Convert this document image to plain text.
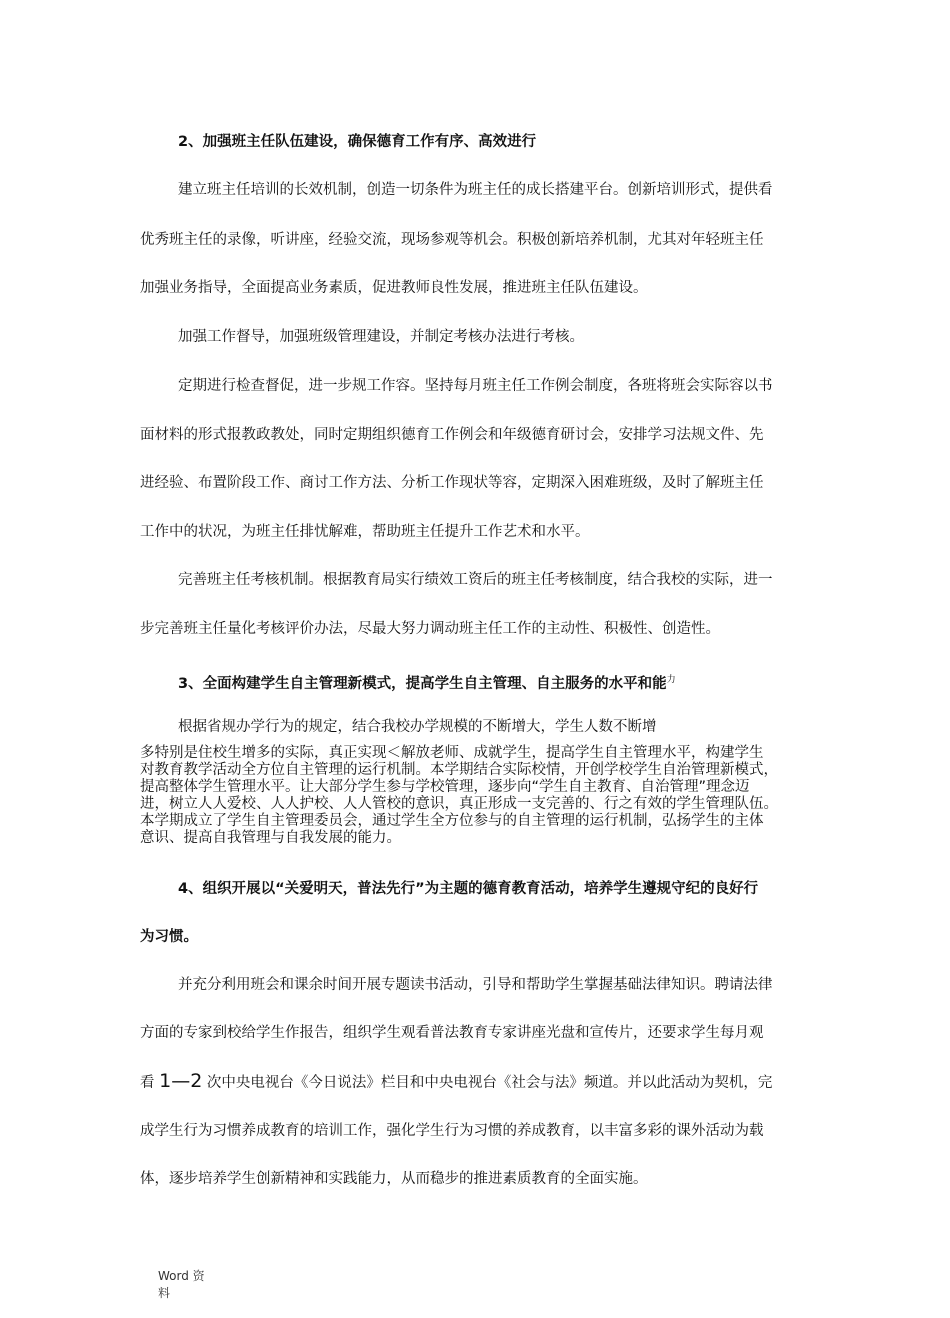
2、加强班主任队伍建设，确保德育工作有序、高效进行
建立班主任培训的长效机制，创造一切条件为班主任的成长搭建平台。创新培训形式，提供看
优秀班主任的录像，听讲座，经验交流，现场参观等机会。积极创新培养机制，尤其对年轻班主任
加强业务指导，全面提高业务素质，促进教师良性发展，推进班主任队伍建设。
加强工作督导，加强班级管理建设，并制定考核办法进行考核。
定期进行检查督促，进一步规工作容。坚持每月班主任工作例会制度，各班将班会实际容以书
面材料的形式报教政教处，同时定期组织德育工作例会和年级德育研讨会，安排学习法规文件、先
进经验、布置阶段工作、商讨工作方法、分析工作现状等容，定期深入困难班级，及时了解班主任
工作中的状况，为班主任排忧解难，帮助班主任提升工作艺术和水平。
完善班主任考核机制。根据教育局实行绩效工资后的班主任考核制度，结合我校的实际，进一
步完善班主任量化考核评价办法，尽最大努力调动班主任工作的主动性、积极性、创造性。
3、全面构建学生自主管理新模式，提高学生自主管理、自主服务的水平和能$^力$
根据省规办学行为的规定，结合我校办学规模的不断增大，学生人数不断增
多特别是住校生增多的实际，真正实现＜解放老师、成就学生，提高学生自主管理水平，构建学生
对教育教学活动全方位自主管理的运行机制。本学期结合实际校情，开创学校学生自治管理新模式，
提高整体学生管理水平。让大部分学生参与学校管理，逐步向“学生自主教育、自治管理”理念迈
进，树立人人爱校、人人护校、人人管校的意识，真正形成一支完善的、行之有效的学生管理队伍。
本学期成立了学生自主管理委员会，通过学生全方位参与的自主管理的运行机制，弘扬学生的主体
意识、提高自我管理与自我发展的能力。
4、组织开展以“关爱明天，普法先行”为主题的德育教育活动，培养学生遵规守纪的良好行
为习惯。
并充分利用班会和课余时间开展专题读书活动，引导和帮助学生掌握基础法律知识。聘请法律
方面的专家到校给学生作报告，组织学生观看普法教育专家讲座光盘和宣传片，还要求学生每月观
看 1—2 次中央电视台《今日说法》栏目和中央电视台《社会与法》频道。并以此活动为契机，完
成学生行为习惯养成教育的培训工作，强化学生行为习惯的养成教育，以丰富多彩的课外活动为载
体，逐步培养学生创新精神和实践能力，从而稳步的推进素质教育的全面实施。
Word 资
料
